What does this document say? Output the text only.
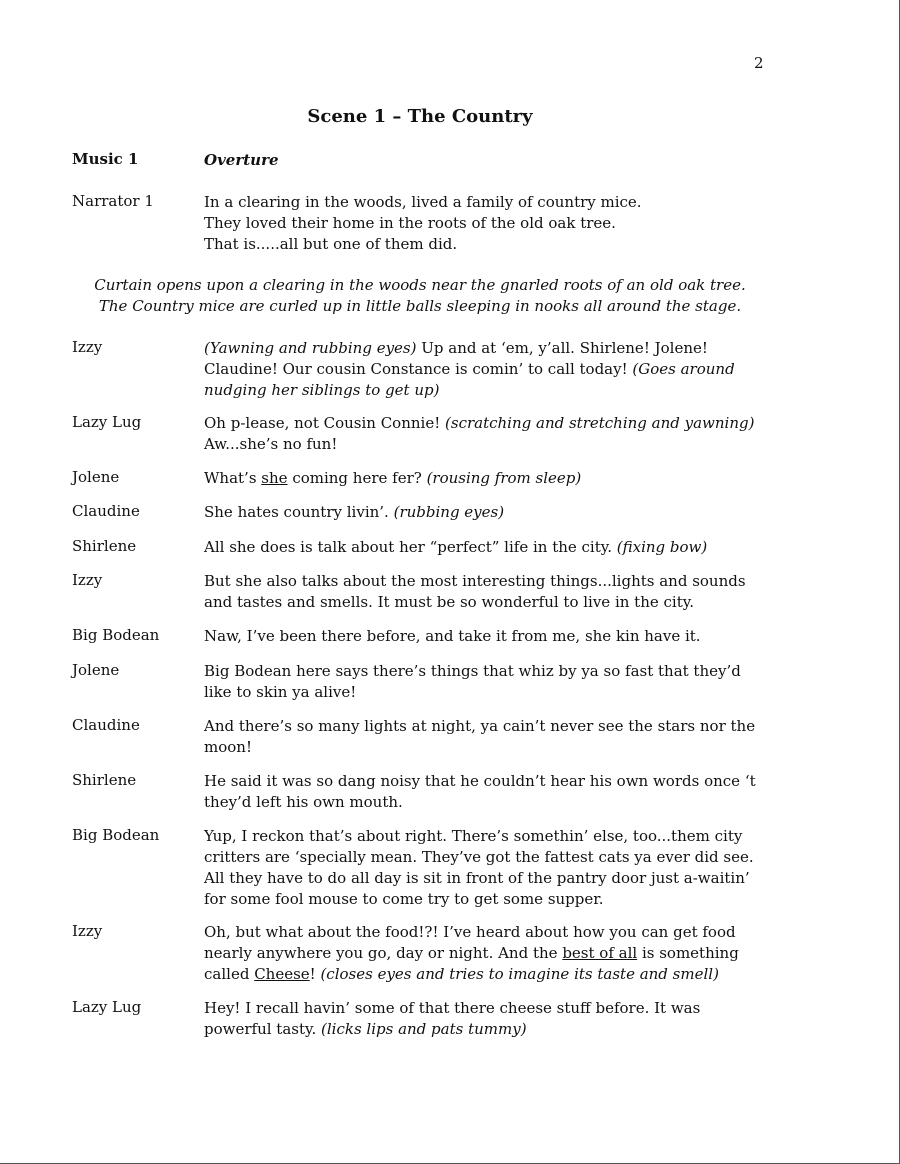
2
Scene 1 – The Country
Music 1	Overture
Narrator 1	In a clearing in the woods, lived a family of country mice.
They loved their home in the roots of the old oak tree.
That is.....all but one of them did.
Curtain opens upon a clearing in the woods near the gnarled roots of an old oak tree.
The Country mice are curled up in little balls sleeping in nooks all around the stage.
Izzy	(Yawning and rubbing eyes) Up and at ‘em, y’all. Shirlene! Jolene! Claudine! Our cousin Constance is comin’ to call today! (Goes around nudging her siblings to get up)
Lazy Lug	Oh p-lease, not Cousin Connie! (scratching and stretching and yawning) Aw...she’s no fun!
Jolene	What’s she coming here fer? (rousing from sleep)
Claudine	She hates country livin’. (rubbing eyes)
Shirlene	All she does is talk about her “perfect” life in the city. (fixing bow)
Izzy	But she also talks about the most interesting things...lights and sounds and tastes and smells. It must be so wonderful to live in the city.
Big Bodean	Naw, I’ve been there before, and take it from me, she kin have it.
Jolene	Big Bodean here says there’s things that whiz by ya so fast that they’d like to skin ya alive!
Claudine	And there’s so many lights at night, ya cain’t never see the stars nor the moon!
Shirlene	He said it was so dang noisy that he couldn’t hear his own words once ‘t they’d left his own mouth.
Big Bodean	Yup, I reckon that’s about right. There’s somethin’ else, too...them city critters are ‘specially mean. They’ve got the fattest cats ya ever did see. All they have to do all day is sit in front of the pantry door just a-waitin’ for some fool mouse to come try to get some supper.
Izzy	Oh, but what about the food!?! I’ve heard about how you can get food nearly anywhere you go, day or night. And the best of all is something called Cheese! (closes eyes and tries to imagine its taste and smell)
Lazy Lug	Hey! I recall havin’ some of that there cheese stuff before. It was powerful tasty. (licks lips and pats tummy)
